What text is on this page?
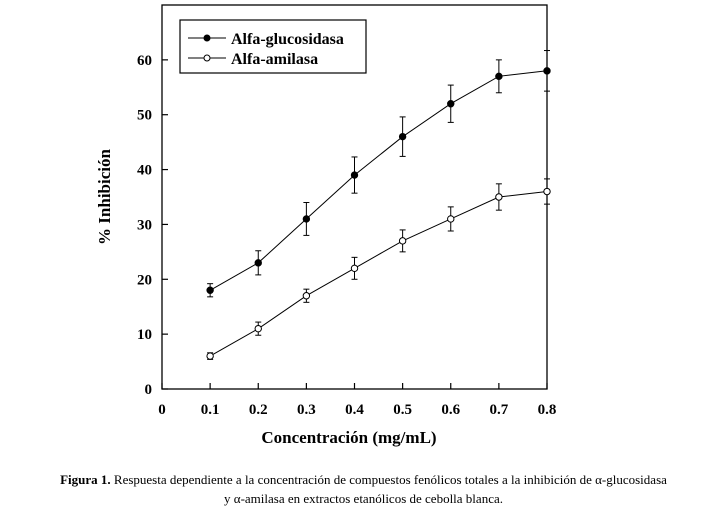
0 0.1 0.2 0.3 0.4 0.5 0.6 0.7 0.8
0
10
20
30
40
50
60
Alfa-glucosidasa
Alfa-amilasa
Concentración (mg/mL)
% Inhibición
Figura 1. Respuesta dependiente a la concentración de compuestos fenólicos totales a la inhibición de α-glucosidasa
y α-amilasa en extractos etanólicos de cebolla blanca.
